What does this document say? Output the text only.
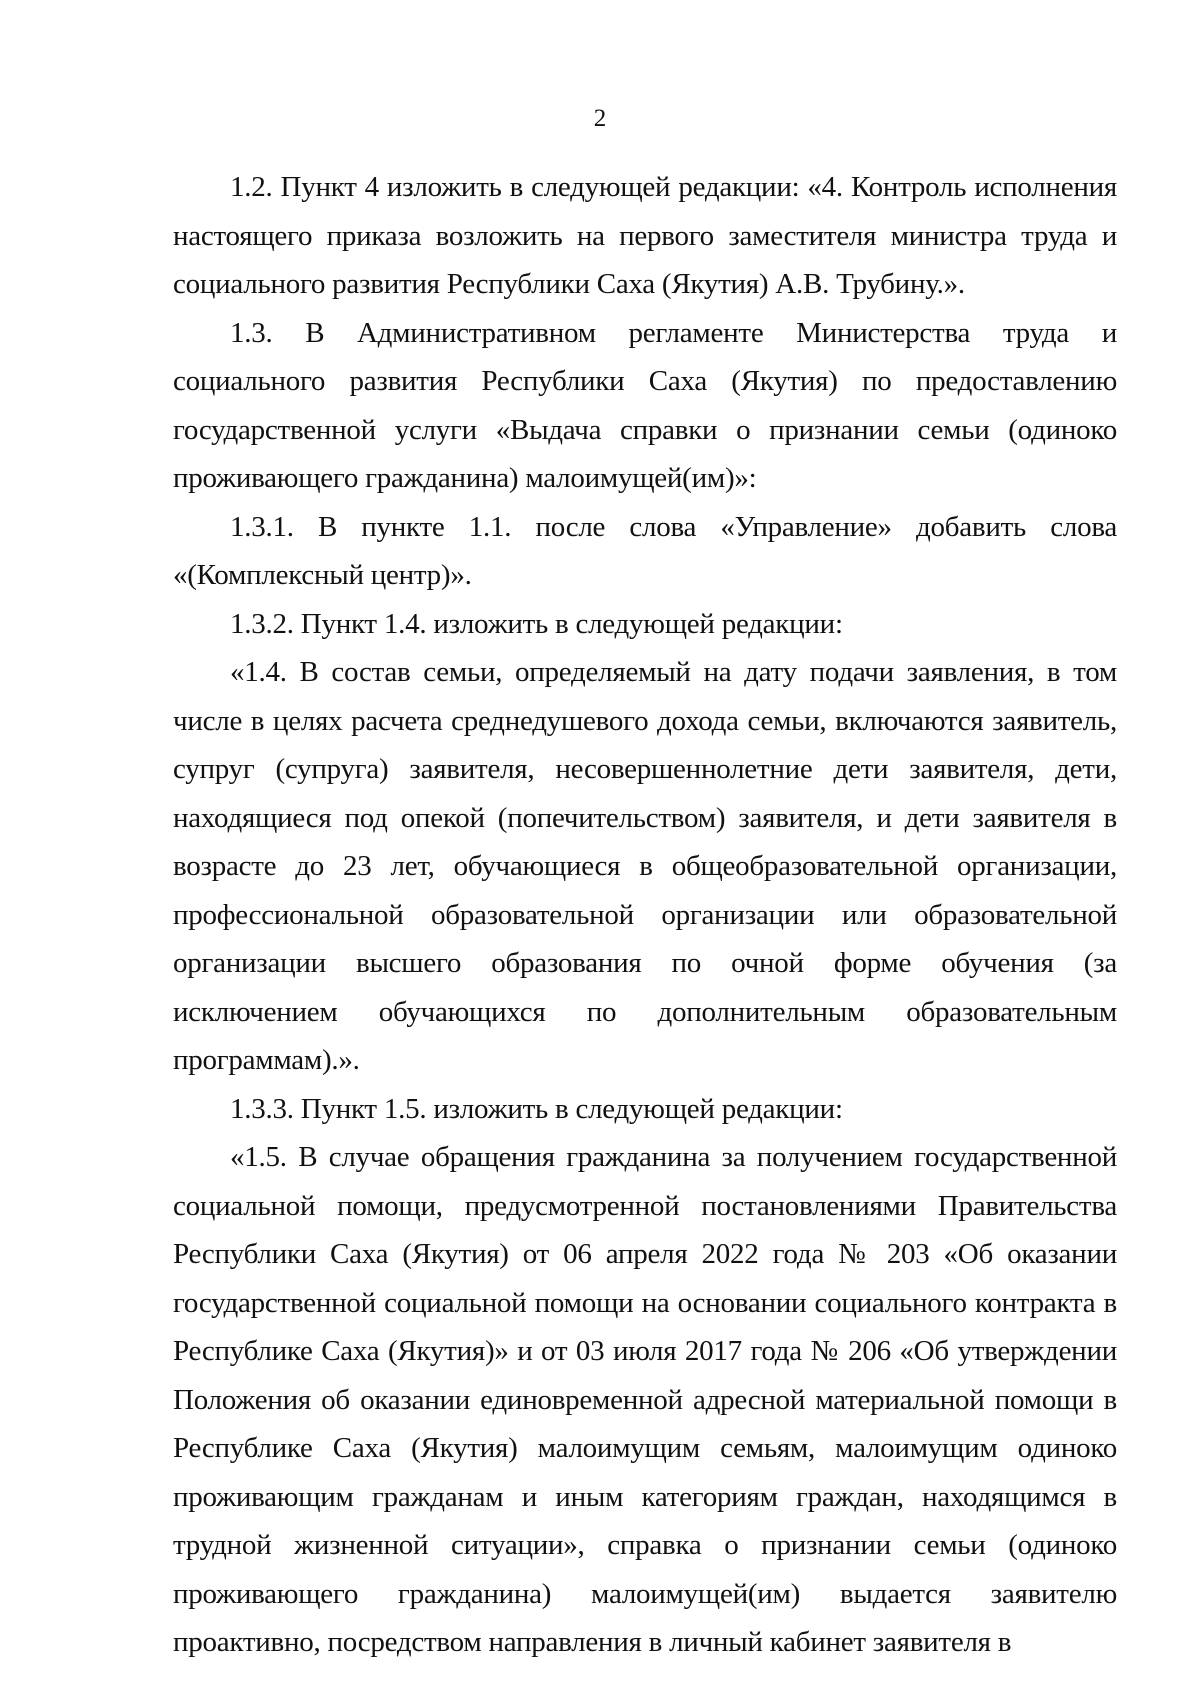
2

1.2. Пункт 4 изложить в следующей редакции: «4. Контроль исполнения настоящего приказа возложить на первого заместителя министра труда и социального развития Республики Саха (Якутия) А.В. Трубину.».

1.3. В Административном регламенте Министерства труда и социального развития Республики Саха (Якутия) по предоставлению государственной услуги «Выдача справки о признании семьи (одиноко проживающего гражданина) малоимущей(им)»:

1.3.1. В пункте 1.1. после слова «Управление» добавить слова «(Комплексный центр)».

1.3.2. Пункт 1.4. изложить в следующей редакции:

«1.4. В состав семьи, определяемый на дату подачи заявления, в том числе в целях расчета среднедушевого дохода семьи, включаются заявитель, супруг (супруга) заявителя, несовершеннолетние дети заявителя, дети, находящиеся под опекой (попечительством) заявителя, и дети заявителя в возрасте до 23 лет, обучающиеся в общеобразовательной организации, профессиональной образовательной организации или образовательной организации высшего образования по очной форме обучения (за исключением обучающихся по дополнительным образовательным программам).».

1.3.3. Пункт 1.5. изложить в следующей редакции:

«1.5. В случае обращения гражданина за получением государственной социальной помощи, предусмотренной постановлениями Правительства Республики Саха (Якутия) от 06 апреля 2022 года № 203 «Об оказании государственной социальной помощи на основании социального контракта в Республике Саха (Якутия)» и от 03 июля 2017 года № 206 «Об утверждении Положения об оказании единовременной адресной материальной помощи в Республике Саха (Якутия) малоимущим семьям, малоимущим одиноко проживающим гражданам и иным категориям граждан, находящимся в трудной жизненной ситуации», справка о признании семьи (одиноко проживающего гражданина) малоимущей(им) выдается заявителю проактивно, посредством направления в личный кабинет заявителя в
